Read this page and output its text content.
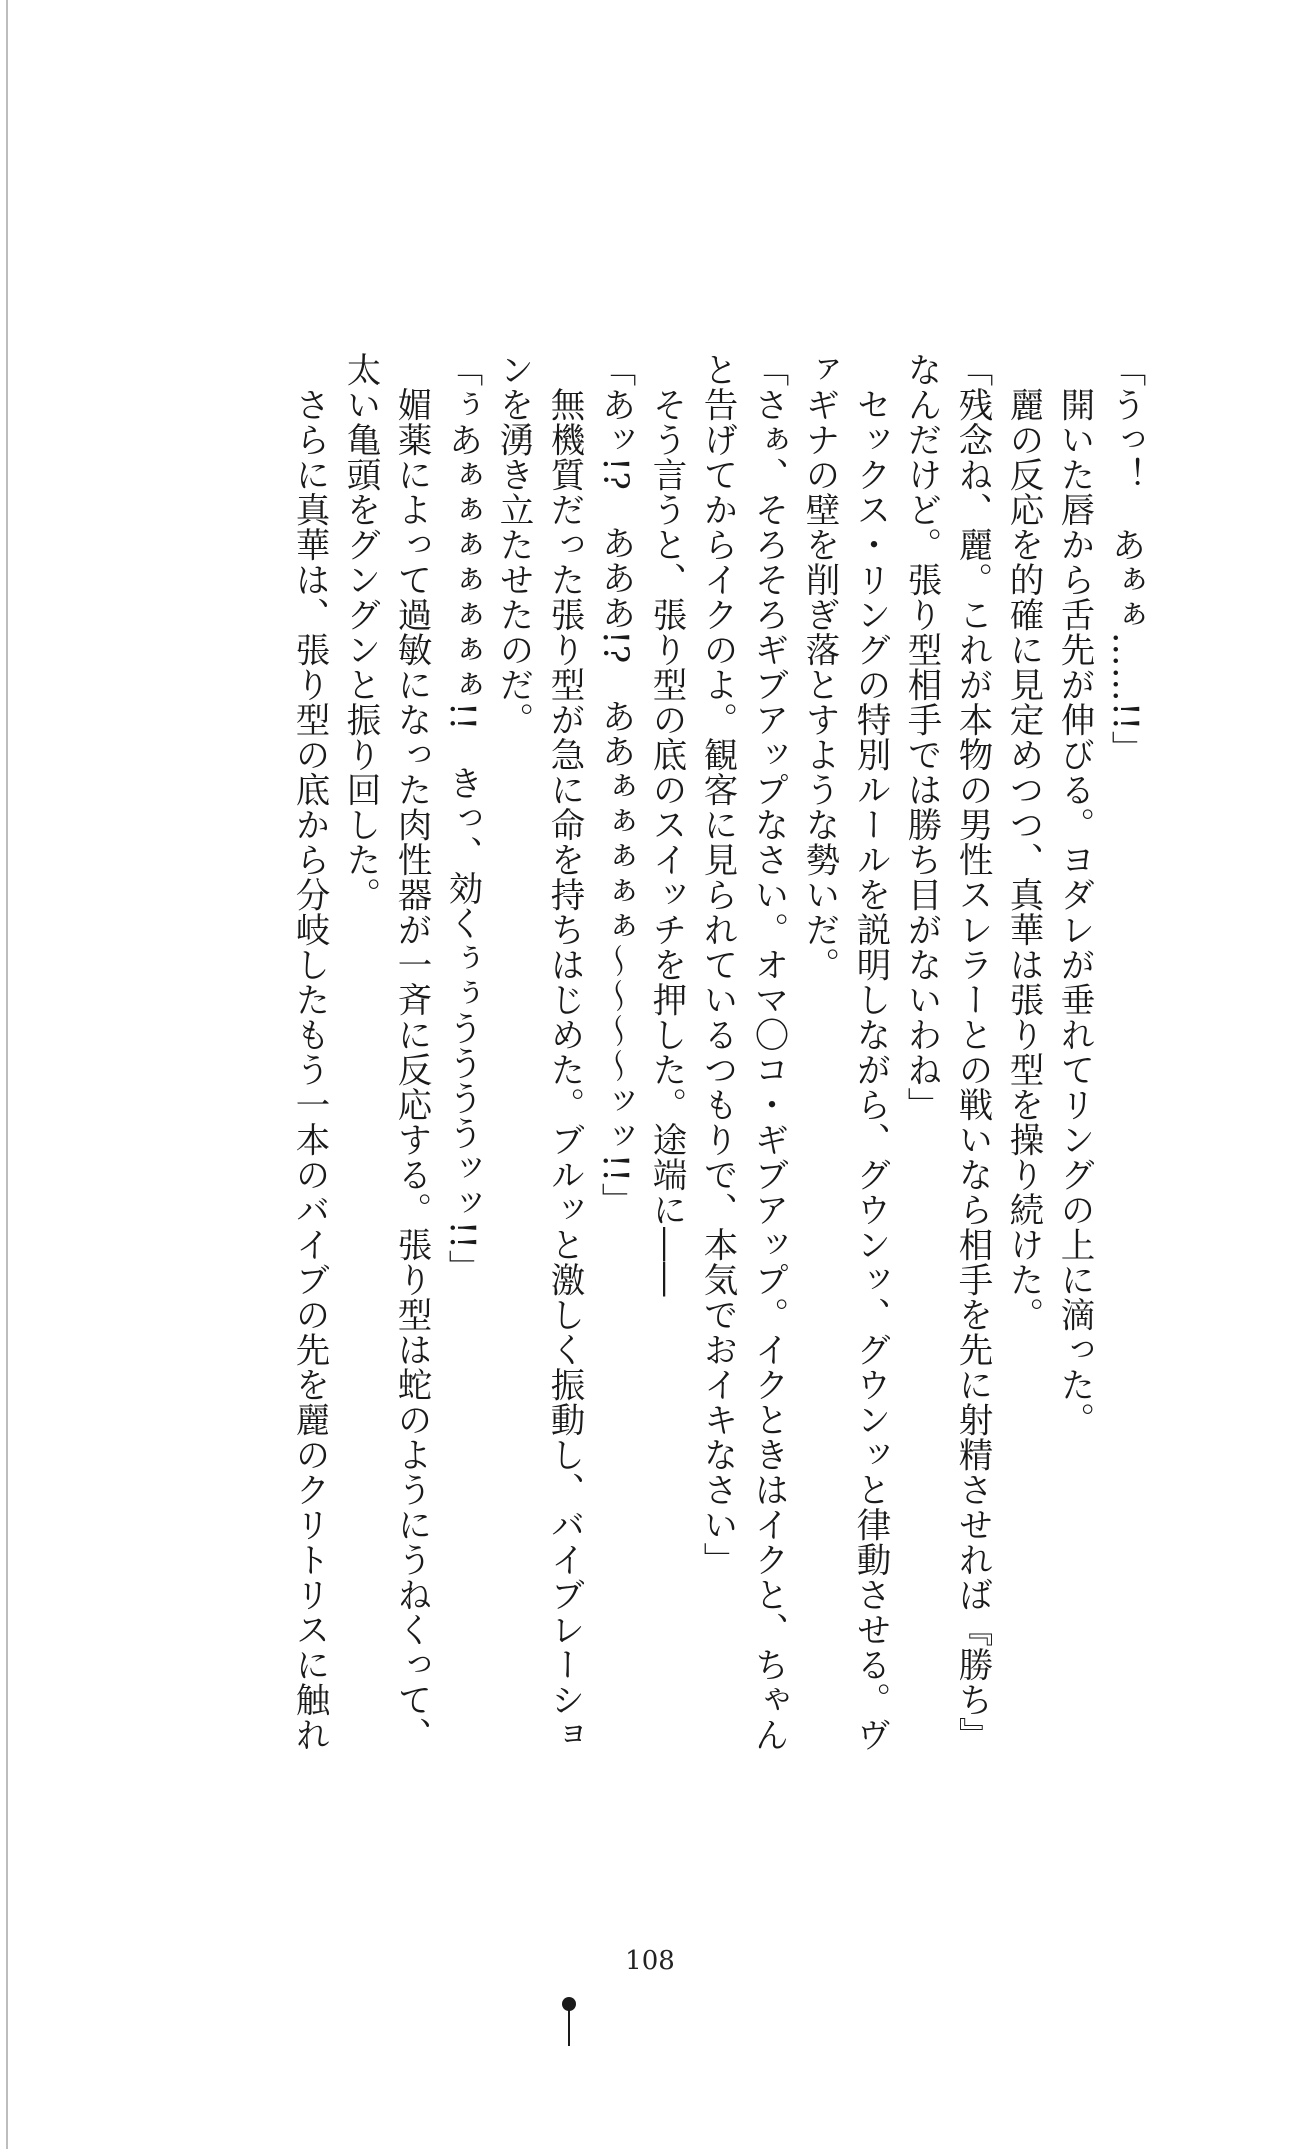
「うっ！　あぁぁ……!!」
開いた唇から舌先が伸びる。ヨダレが垂れてリングの上に滴った。
麗の反応を的確に見定めつつ、真華は張り型を操り続けた。
「残念ね、麗。これが本物の男性スレラーとの戦いなら相手を先に射精させれば『勝ち』
なんだけど。張り型相手では勝ち目がないわね」
セックス・リングの特別ルールを説明しながら、グウンッ、グウンッと律動させる。ヴ
ァギナの壁を削ぎ落とすような勢いだ。
「さぁ、そろそろギブアップなさい。オマ〇コ・ギブアップ。イクときはイクと、ちゃん
と告げてからイクのよ。観客に見られているつもりで、本気でおイキなさい」
そう言うと、張り型の底のスイッチを押した。途端に――
「あッ!?　あああ!?　ああぁぁぁぁぁ～～～～ッッ!!」
無機質だった張り型が急に命を持ちはじめた。ブルッと激しく振動し、バイブレーショ
ンを湧き立たせたのだ。
「ぅあぁぁぁぁぁぁぁ!!　きっ、効くぅぅううううッッ!!」
媚薬によって過敏になった肉性器が一斉に反応する。張り型は蛇のようにうねくって、
太い亀頭をグングンと振り回した。
さらに真華は、張り型の底から分岐したもう一本のバイブの先を麗のクリトリスに触れ
108
